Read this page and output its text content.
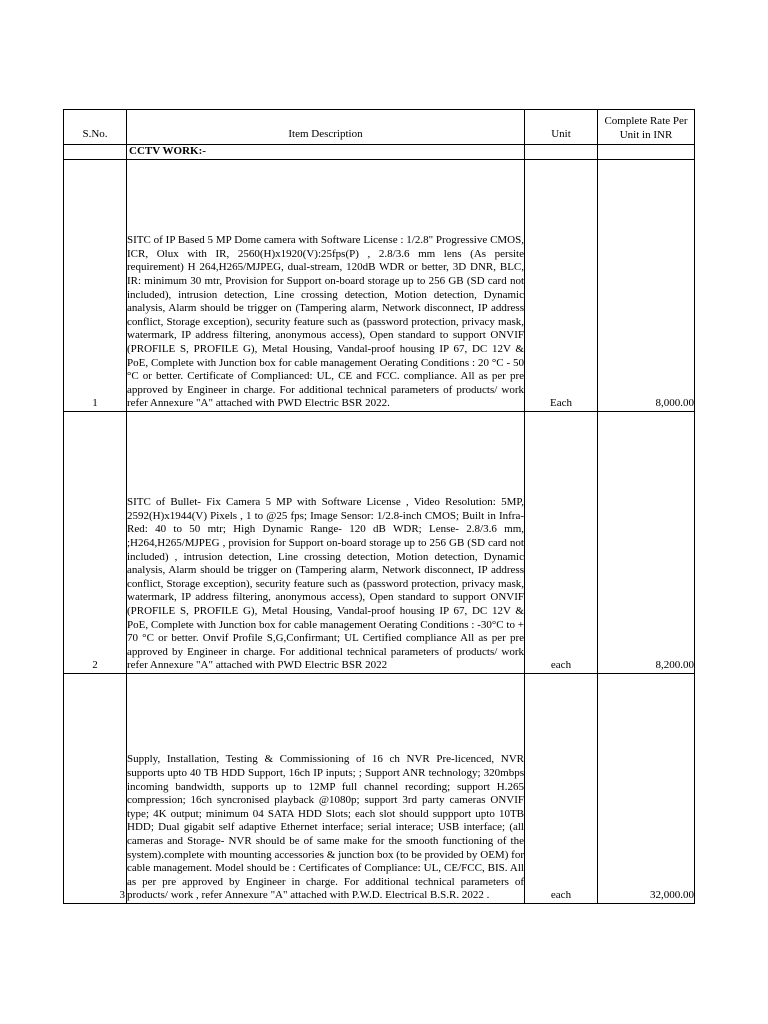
S.No.	Item Description	Unit	Complete Rate Per Unit in INR
	CCTV WORK:-		
1	SITC of IP Based 5 MP Dome camera with Software License : 1/2.8" Progressive CMOS, ICR, Olux with IR, 2560(H)x1920(V):25fps(P) , 2.8/3.6 mm lens (As persite requirement) H 264,H265/MJPEG, dual-stream, 120dB WDR or better, 3D DNR, BLC, IR: minimum 30 mtr, Provision for Support on-board storage up to 256 GB (SD card not included), intrusion detection, Line crossing detection, Motion detection, Dynamic analysis, Alarm should be trigger on (Tampering alarm, Network disconnect, IP address conflict, Storage exception), security feature such as (password protection, privacy mask, watermark, IP address filtering, anonymous access), Open standard to support ONVIF (PROFILE S, PROFILE G), Metal Housing, Vandal-proof housing IP 67, DC 12V & PoE, Complete with Junction box for cable management Oerating Conditions : 20 °C - 50 °C or better. Certificate of Complianced: UL, CE and FCC. compliance. All as per pre approved by Engineer in charge. For additional technical parameters of products/ work refer Annexure "A" attached with PWD Electric BSR 2022.	Each	8,000.00
2	SITC of Bullet- Fix Camera 5 MP with Software License , Video Resolution: 5MP, 2592(H)x1944(V) Pixels , 1 to @25 fps; Image Sensor: 1/2.8-inch CMOS; Built in Infra-Red: 40 to 50 mtr; High Dynamic Range- 120 dB WDR; Lense- 2.8/3.6 mm, ;H264,H265/MJPEG , provision for Support on-board storage up to 256 GB (SD card not included) , intrusion detection, Line crossing detection, Motion detection, Dynamic analysis, Alarm should be trigger on (Tampering alarm, Network disconnect, IP address conflict, Storage exception), security feature such as (password protection, privacy mask, watermark, IP address filtering, anonymous access), Open standard to support ONVIF (PROFILE S, PROFILE G), Metal Housing, Vandal-proof housing IP 67, DC 12V & PoE, Complete with Junction box for cable management Oerating Conditions : -30°C to + 70 °C or better. Onvif Profile S,G,Confirmant; UL Certified compliance All as per pre approved by Engineer in charge. For additional technical parameters of products/ work refer Annexure "A" attached with PWD Electric BSR 2022	each	8,200.00
3	Supply, Installation, Testing & Commissioning of 16 ch NVR Pre-licenced, NVR supports upto 40 TB HDD Support, 16ch IP inputs; ; Support ANR technology; 320mbps incoming bandwidth, supports up to 12MP full channel recording; support H.265 compression; 16ch syncronised playback @1080p; support 3rd party cameras ONVIF type; 4K output; minimum 04 SATA HDD Slots; each slot should suppport upto 10TB HDD; Dual gigabit self adaptive Ethernet interface; serial interace; USB interface; (all cameras and Storage- NVR should be of same make for the smooth functioning of the system).complete with mounting accessories & junction box (to be provided by OEM) for cable management. Model should be : Certificates of Compliance: UL, CE/FCC, BIS. All as per pre approved by Engineer in charge. For additional technical parameters of products/ work , refer Annexure "A" attached with P.W.D. Electrical B.S.R. 2022 .	each	32,000.00
